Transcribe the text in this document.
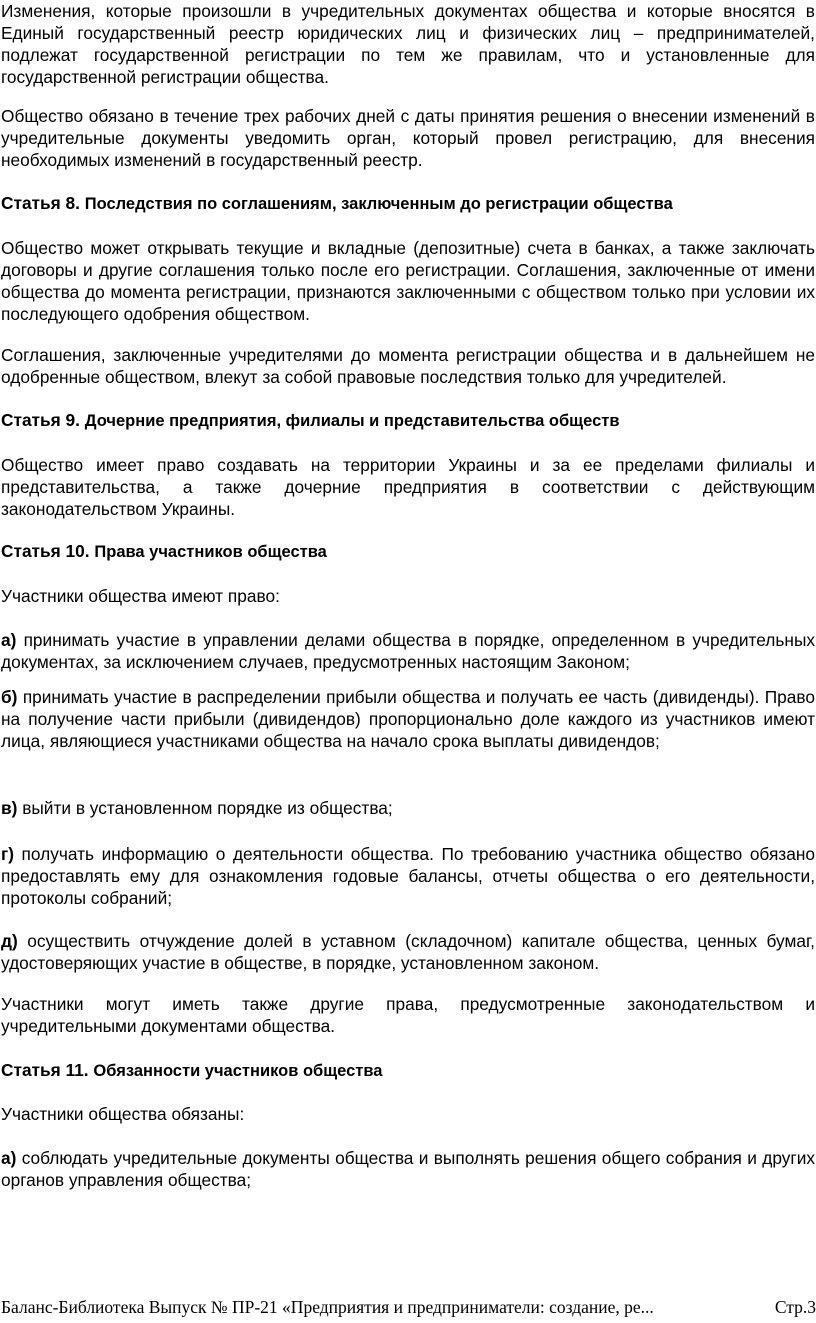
Изменения, которые произошли в учредительных документах общества и которые вносятся в Единый государственный реестр юридических лиц и физических лиц – предпринимателей, подлежат государственной регистрации по тем же правилам, что и установленные для государственной регистрации общества.

Общество обязано в течение трех рабочих дней с даты принятия решения о внесении изменений в учредительные документы уведомить орган, который провел регистрацию, для внесения необходимых изменений в государственный реестр.

Статья 8. Последствия по соглашениям, заключенным до регистрации общества

Общество может открывать текущие и вкладные (депозитные) счета в банках, а также заключать договоры и другие соглашения только после его регистрации. Соглашения, заключенные от имени общества до момента регистрации, признаются заключенными с обществом только при условии их последующего одобрения обществом.

Соглашения, заключенные учредителями до момента регистрации общества и в дальнейшем не одобренные обществом, влекут за собой правовые последствия только для учредителей.

Статья 9. Дочерние предприятия, филиалы и представительства обществ

Общество имеет право создавать на территории Украины и за ее пределами филиалы и представительства, а также дочерние предприятия в соответствии с действующим законодательством Украины.

Статья 10. Права участников общества

Участники общества имеют право:

а) принимать участие в управлении делами общества в порядке, определенном в учредительных документах, за исключением случаев, предусмотренных настоящим Законом;

б) принимать участие в распределении прибыли общества и получать ее часть (дивиденды). Право на получение части прибыли (дивидендов) пропорционально доле каждого из участников имеют лица, являющиеся участниками общества на начало срока выплаты дивидендов;

в) выйти в установленном порядке из общества;

г) получать информацию о деятельности общества. По требованию участника общество обязано предоставлять ему для ознакомления годовые балансы, отчеты общества о его деятельности, протоколы собраний;

д) осуществить отчуждение долей в уставном (складочном) капитале общества, ценных бумаг, удостоверяющих участие в обществе, в порядке, установленном законом.

Участники могут иметь также другие права, предусмотренные законодательством и учредительными документами общества.

Статья 11. Обязанности участников общества

Участники общества обязаны:

а) соблюдать учредительные документы общества и выполнять решения общего собрания и других органов управления общества;

Баланс-Библиотека Выпуск № ПР-21 «Предприятия и предприниматели: создание, ре...	Стр.3
